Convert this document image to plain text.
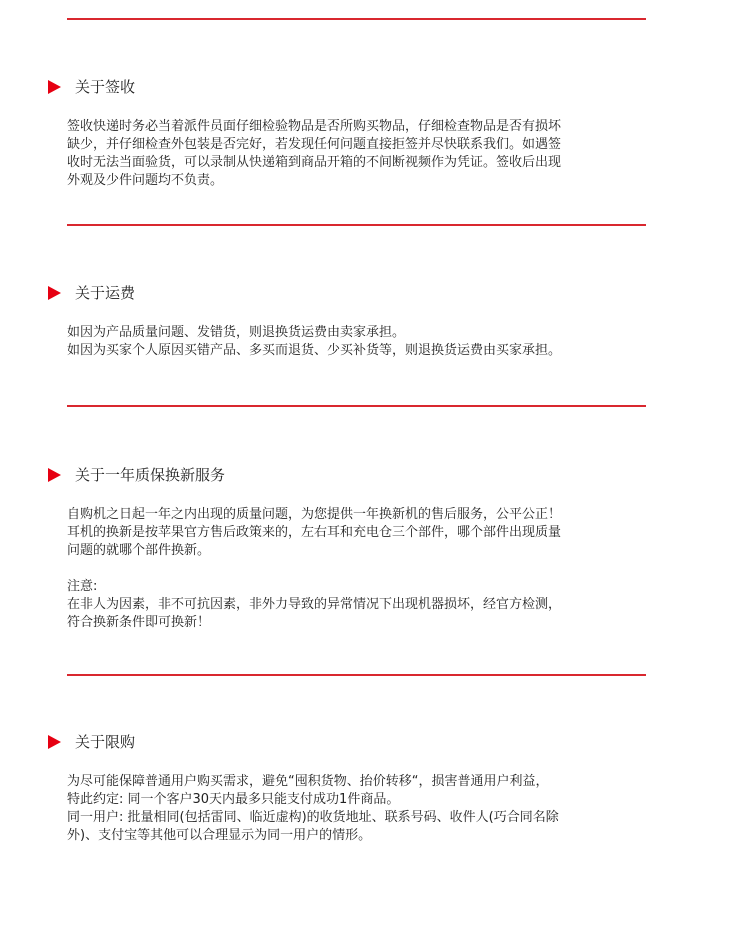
关于签收
签收快递时务必当着派件员面仔细检验物品是否所购买物品，仔细检查物品是否有损坏
缺少，并仔细检查外包装是否完好，若发现任何问题直接拒签并尽快联系我们。如遇签
收时无法当面验货，可以录制从快递箱到商品开箱的不间断视频作为凭证。签收后出现
外观及少件问题均不负责。
关于运费
如因为产品质量问题、发错货，则退换货运费由卖家承担。
如因为买家个人原因买错产品、多买而退货、少买补货等，则退换货运费由买家承担。
关于一年质保换新服务
自购机之日起一年之内出现的质量问题，为您提供一年换新机的售后服务，公平公正！
耳机的换新是按苹果官方售后政策来的，左右耳和充电仓三个部件，哪个部件出现质量
问题的就哪个部件换新。
注意:
在非人为因素，非不可抗因素，非外力导致的异常情况下出现机器损坏，经官方检测，
符合换新条件即可换新！
关于限购
为尽可能保障普通用户购买需求，避免“囤积货物、抬价转移“，损害普通用户利益，
特此约定: 同一个客户30天内最多只能支付成功1件商品。
同一用户: 批量相同(包括雷同、临近虚构)的收货地址、联系号码、收件人(巧合同名除
外)、支付宝等其他可以合理显示为同一用户的情形。
